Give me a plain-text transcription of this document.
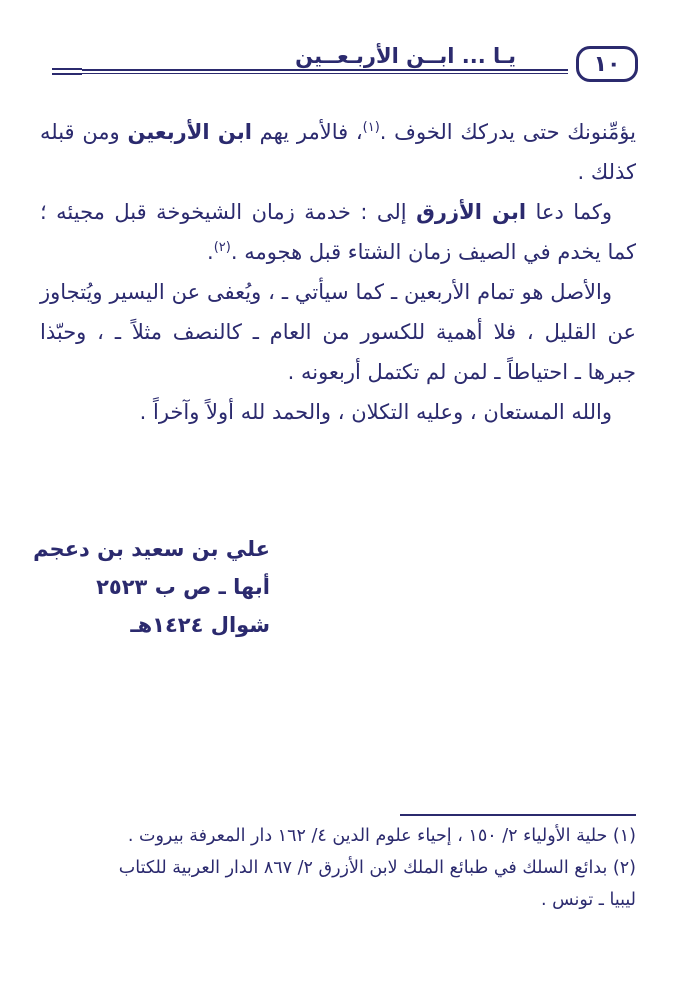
١٠
يـا ... ابــن الأربـعــين

يؤمِّنونك حتى يدركك الخوف .$^{(١)}$، فالأمر يهم ابن الأربعين ومن قبله كذلك .

وكما دعا ابن الأزرق إلى : خدمة زمان الشيخوخة قبل مجيئه ؛ كما يخدم في الصيف زمان الشتاء قبل هجومه .$^{(٢)}$.

والأصل هو تمام الأربعين ـ كما سيأتي ـ ، ويُعفى عن اليسير ويُتجاوز عن القليل ، فلا أهمية للكسور من العام ـ كالنصف مثلاً ـ ، وحبّذا جبرها ـ احتياطاً ـ لمن لم تكتمل أربعونه .

والله المستعان ، وعليه التكلان ، والحمد لله أولاً وآخراً .

علي بن سعيد بن دعجم
أبها ـ ص ب ٢٥٢٣
شوال ١٤٢٤هـ

(١) حلية الأولياء ٢/ ١٥٠ ، إحياء علوم الدين ٤/ ١٦٢ دار المعرفة بيروت .

(٢) بدائع السلك في طبائع الملك لابن الأزرق ٢/ ٨٦٧ الدار العربية للكتاب

ليبيا ـ تونس .
